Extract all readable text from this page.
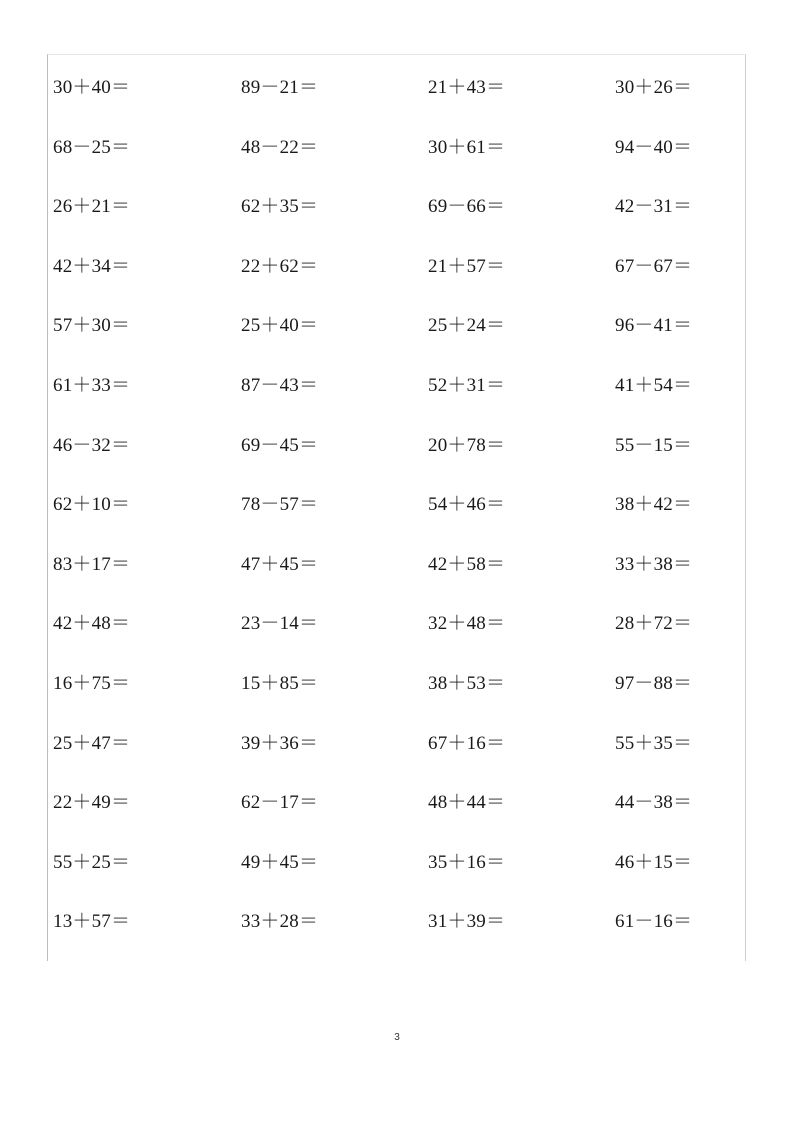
30＋40＝	89－21＝	21＋43＝	30＋26＝
68－25＝	48－22＝	30＋61＝	94－40＝
26＋21＝	62＋35＝	69－66＝	42－31＝
42＋34＝	22＋62＝	21＋57＝	67－67＝
57＋30＝	25＋40＝	25＋24＝	96－41＝
61＋33＝	87－43＝	52＋31＝	41＋54＝
46－32＝	69－45＝	20＋78＝	55－15＝
62＋10＝	78－57＝	54＋46＝	38＋42＝
83＋17＝	47＋45＝	42＋58＝	33＋38＝
42＋48＝	23－14＝	32＋48＝	28＋72＝
16＋75＝	15＋85＝	38＋53＝	97－88＝
25＋47＝	39＋36＝	67＋16＝	55＋35＝
22＋49＝	62－17＝	48＋44＝	44－38＝
55＋25＝	49＋45＝	35＋16＝	46＋15＝
13＋57＝	33＋28＝	31＋39＝	61－16＝
3
